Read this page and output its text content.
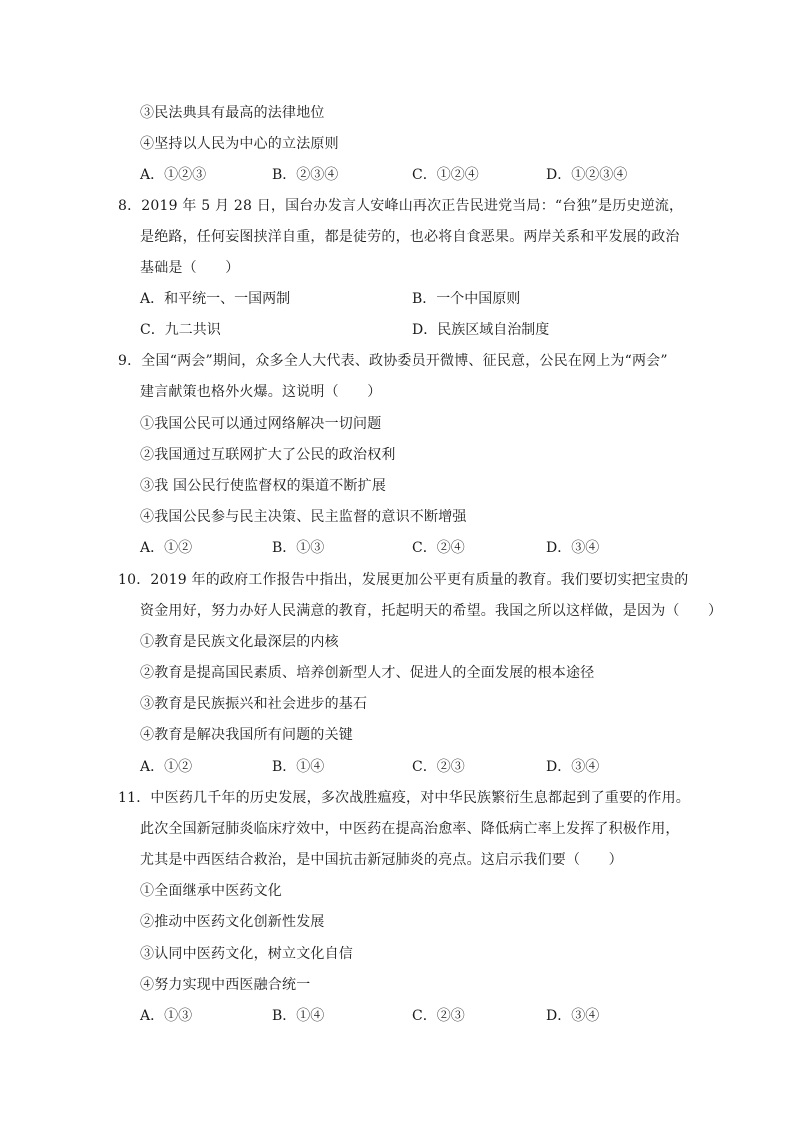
③民法典具有最高的法律地位
④坚持以人民为中心的立法原则
A．①②③	B．②③④	C．①②④	D．①②③④
8．2019 年 5 月 28 日，国台办发言人安峰山再次正告民进党当局：“台独”是历史逆流，
是绝路，任何妄图挟洋自重，都是徒劳的，也必将自食恶果。两岸关系和平发展的政治
基础是（　　）
A．和平统一、一国两制	B．一个中国原则
C．九二共识	D．民族区域自治制度
9．全国“两会”期间，众多全人大代表、政协委员开微博、征民意，公民在网上为“两会”
建言献策也格外火爆。这说明（　　）
①我国公民可以通过网络解决一切问题
②我国通过互联网扩大了公民的政治权利
③我 国公民行使监督权的渠道不断扩展
④我国公民参与民主决策、民主监督的意识不断增强
A．①②	B．①③	C．②④	D．③④
10．2019 年的政府工作报告中指出，发展更加公平更有质量的教育。我们要切实把宝贵的
资金用好，努力办好人民满意的教育，托起明天的希望。我国之所以这样做，是因为（　　）
①教育是民族文化最深层的内核
②教育是提高国民素质、培养创新型人才、促进人的全面发展的根本途径
③教育是民族振兴和社会进步的基石
④教育是解决我国所有问题的关键
A．①②	B．①④	C．②③	D．③④
11．中医药几千年的历史发展，多次战胜瘟疫，对中华民族繁衍生息都起到了重要的作用。
此次全国新冠肺炎临床疗效中，中医药在提高治愈率、降低病亡率上发挥了积极作用，
尤其是中西医结合救治，是中国抗击新冠肺炎的亮点。这启示我们要（　　）
①全面继承中医药文化
②推动中医药文化创新性发展
③认同中医药文化，树立文化自信
④努力实现中西医融合统一
A．①③	B．①④	C．②③	D．③④
